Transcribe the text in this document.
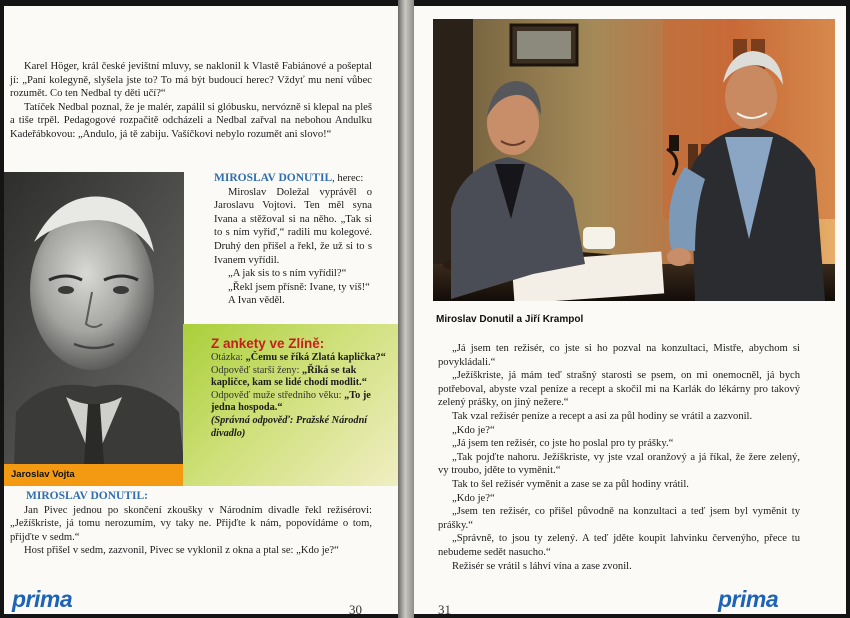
Karel Höger, král české jevištní mluvy, se naklonil k Vlastě Fabiánové a pošeptal jí: „Paní kolegyně, slyšela jste to? To má být budoucí herec? Vždyť mu není vůbec rozumět. Co ten Nedbal ty děti učí?“

Tatíček Nedbal poznal, že je malér, zapálil si glóbusku, nervózně si klepal na pleš a tiše trpěl. Pedagogové rozpačitě odcházeli a Nedbal zařval na nebohou Andulku Kadeřábkovou: „Andulo, já tě zabiju. Vašíčkovi nebylo rozumět ani slovo!“

Jaroslav Vojta

MIROSLAV DONUTIL, herec:

Miroslav Doležal vyprávěl o Jaroslavu Vojtovi. Ten měl syna Ivana a stěžoval si na něho. „Tak si to s ním vyřiď,“ radili mu kolegové. Druhý den přišel a řekl, že už si to s Ivanem vyřídil.

„A jak sis to s ním vyřídil?“

„Řekl jsem přísně: Ivane, ty víš!“

A Ivan věděl.

Z ankety ve Zlíně:

Otázka: „Čemu se říká Zlatá kaplička?“

Odpověď starší ženy: „Říká se tak kapličce, kam se lidé chodí modlit.“

Odpověď muže středního věku: „To je jedna hospoda.“

(Správná odpověď: Pražské Národní divadlo)

MIROSLAV DONUTIL:

Jan Pivec jednou po skončení zkoušky v Národním divadle řekl režisérovi: „Ježíškriste, já tomu nerozumím, vy taky ne. Přijďte k nám, popovídáme o tom, přijďte v sedm.“

Host přišel v sedm, zazvonil, Pivec se vyklonil z okna a ptal se: „Kdo je?“

prima	30
Miroslav Donutil a Jiří Krampol

„Já jsem ten režisér, co jste si ho pozval na konzultaci, Mistře, abychom si povykládali.“

„Ježíškriste, já mám teď strašný starosti se psem, on mi onemocněl, já bych potřeboval, abyste vzal peníze a recept a skočil mi na Karlák do lékárny pro takový zelený prášky, on jiný nežere.“

Tak vzal režisér peníze a recept a asi za půl hodiny se vrátil a zazvonil.

„Kdo je?“

„Já jsem ten režisér, co jste ho poslal pro ty prášky.“

„Tak pojďte nahoru. Ježíškriste, vy jste vzal oranžový a já říkal, že žere zelený, vy troubo, jděte to vyměnit.“

Tak to šel režisér vyměnit a zase se za půl hodiny vrátil.

„Kdo je?“

„Jsem ten režisér, co přišel původně na konzultaci a teď jsem byl vyměnit ty prášky.“

„Správně, to jsou ty zelený. A teď jděte koupit lahvinku červenýho, přece tu nebudeme sedět nasucho.“

Režisér se vrátil s láhví vína a zase zvonil.

31	prima
